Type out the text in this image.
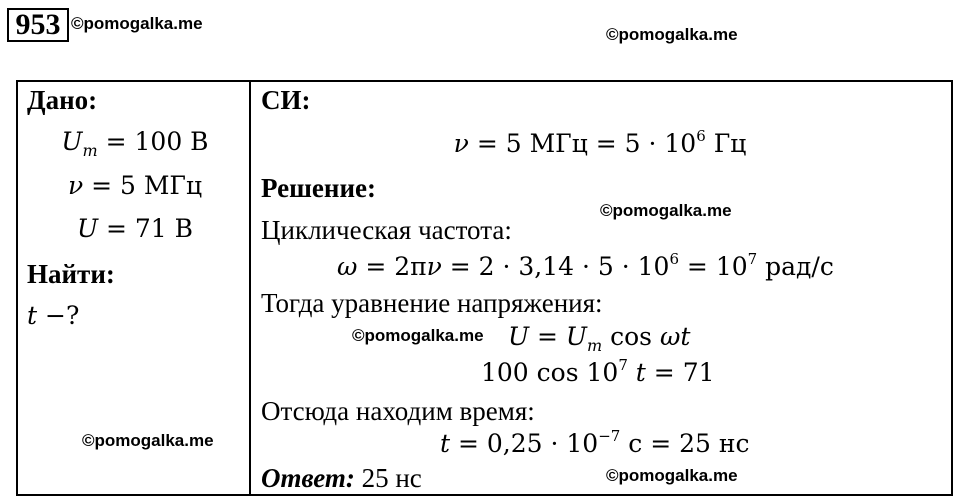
953 ©pomogalka.me
©pomogalka.me
Дано:
$U_m = 100$ В
ν = 5 МГц
U = 71 В
Найти:
t −?
СИ:
ν = 5 МГц = $5 \cdot 10^6$ Гц
Решение:
©pomogalka.me
Циклическая частота:
$\omega = 2\pi\nu = 2 \cdot 3,14 \cdot 5 \cdot 10^6 = 10^7$ рад/с
Тогда уравнение напряжения:
©pomogalka.me $U = U_m$ cos ωt
100 $\cos 10^7$ t = 71
Отсюда находим время:
©pomogalka.me	$t = 0,25 \cdot 10^{-7}$ с = 25 нс
Ответ: 25 нс	©pomogalka.me
